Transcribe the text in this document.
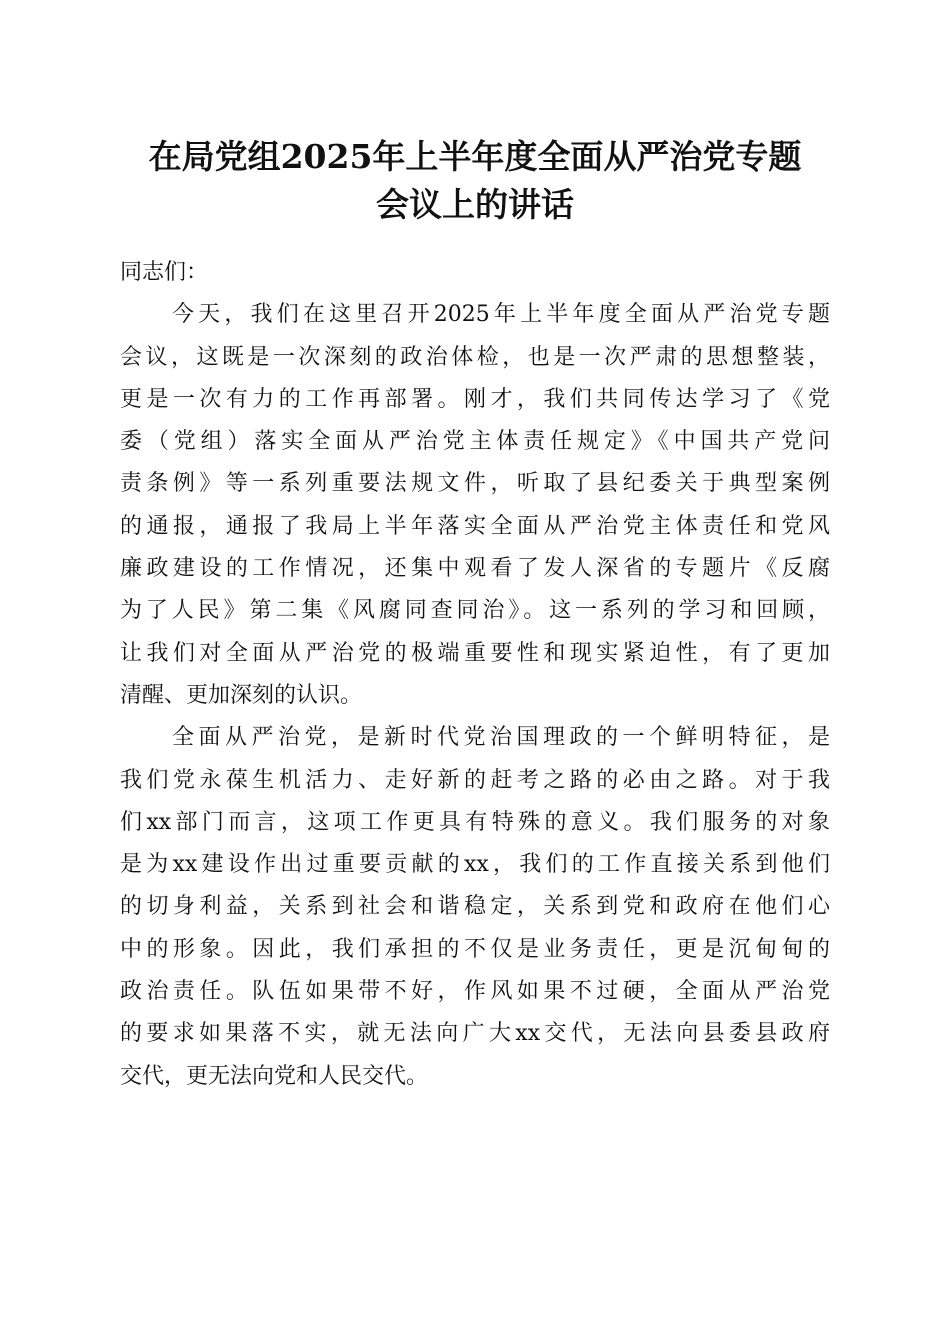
在局党组2025年上半年度全面从严治党专题
会议上的讲话
同志们：
今天，我们在这里召开2025年上半年度全面从严治党专题
会议，这既是一次深刻的政治体检，也是一次严肃的思想整装，
更是一次有力的工作再部署。刚才，我们共同传达学习了《党
委（党组）落实全面从严治党主体责任规定》《中国共产党问
责条例》等一系列重要法规文件，听取了县纪委关于典型案例
的通报，通报了我局上半年落实全面从严治党主体责任和党风
廉政建设的工作情况，还集中观看了发人深省的专题片《反腐
为了人民》第二集《风腐同查同治》。这一系列的学习和回顾，
让我们对全面从严治党的极端重要性和现实紧迫性，有了更加
清醒、更加深刻的认识。
全面从严治党，是新时代党治国理政的一个鲜明特征，是
我们党永葆生机活力、走好新的赶考之路的必由之路。对于我
们xx部门而言，这项工作更具有特殊的意义。我们服务的对象
是为xx建设作出过重要贡献的xx，我们的工作直接关系到他们
的切身利益，关系到社会和谐稳定，关系到党和政府在他们心
中的形象。因此，我们承担的不仅是业务责任，更是沉甸甸的
政治责任。队伍如果带不好，作风如果不过硬，全面从严治党
的要求如果落不实，就无法向广大xx交代，无法向县委县政府
交代，更无法向党和人民交代。
